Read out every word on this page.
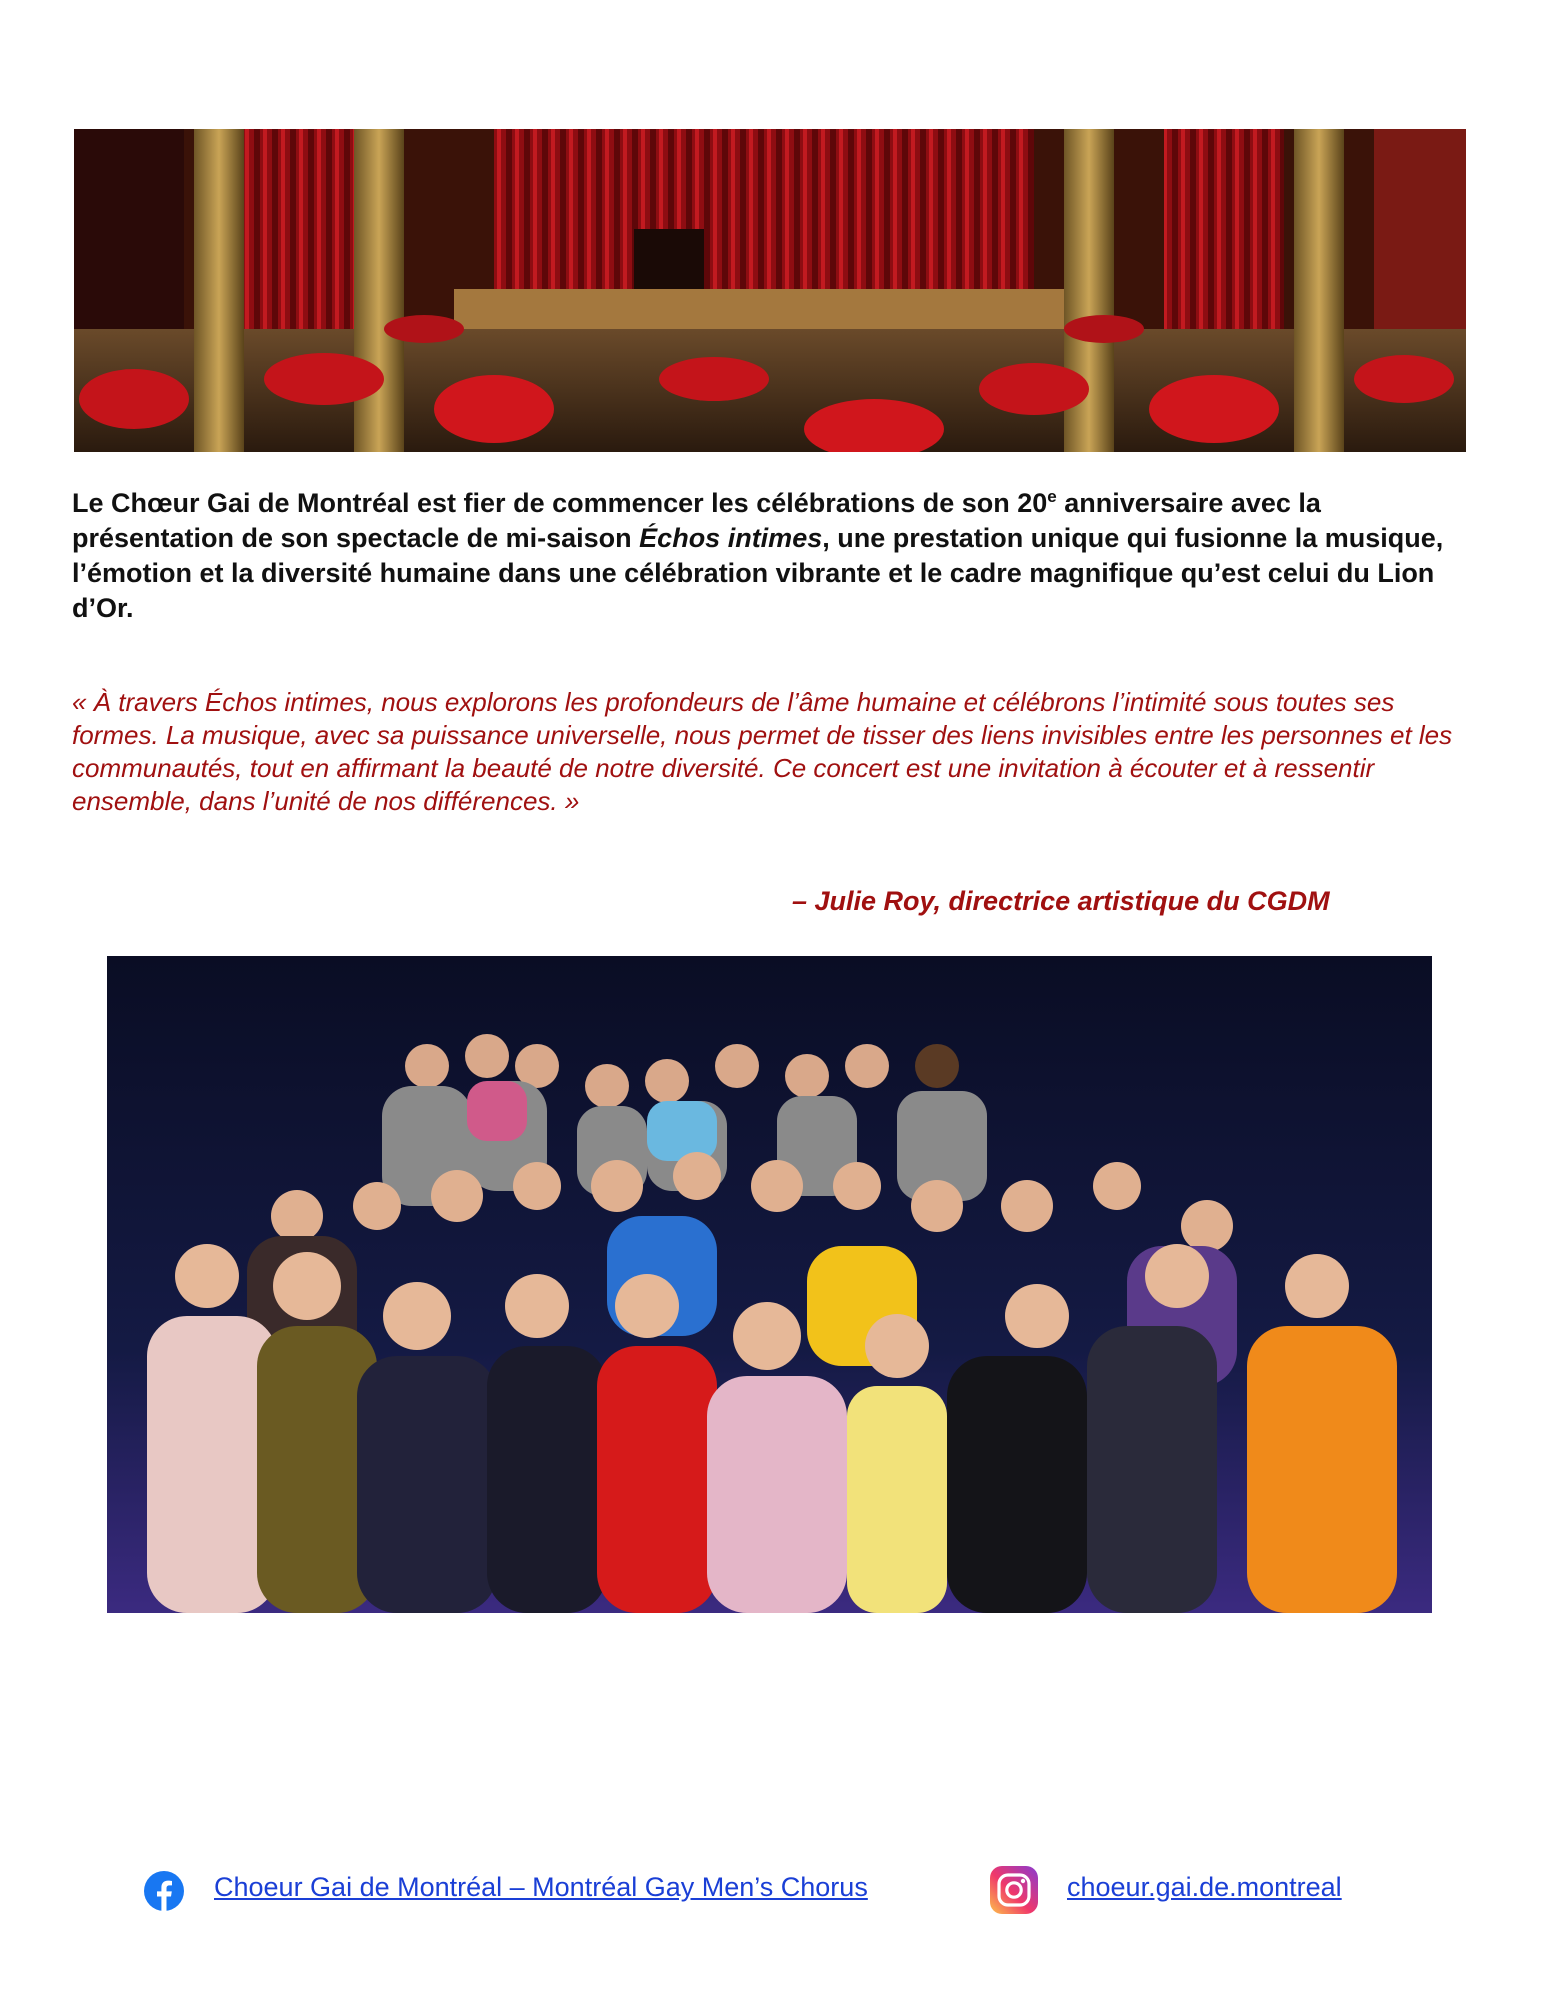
Le Chœur Gai de Montréal est fier de commencer les célébrations de son 20e anniversaire avec la présentation de son spectacle de mi-saison Échos intimes, une prestation unique qui fusionne la musique, l’émotion et la diversité humaine dans une célébration vibrante et le cadre magnifique qu’est celui du Lion d’Or.

« À travers Échos intimes, nous explorons les profondeurs de l’âme humaine et célébrons l’intimité sous toutes ses formes. La musique, avec sa puissance universelle, nous permet de tisser des liens invisibles entre les personnes et les communautés, tout en affirmant la beauté de notre diversité. Ce concert est une invitation à écouter et à ressentir ensemble, dans l’unité de nos différences. »

– Julie Roy, directrice artistique du CGDM

Choeur Gai de Montréal – Montréal Gay Men’s Chorus	choeur.gai.de.montreal
